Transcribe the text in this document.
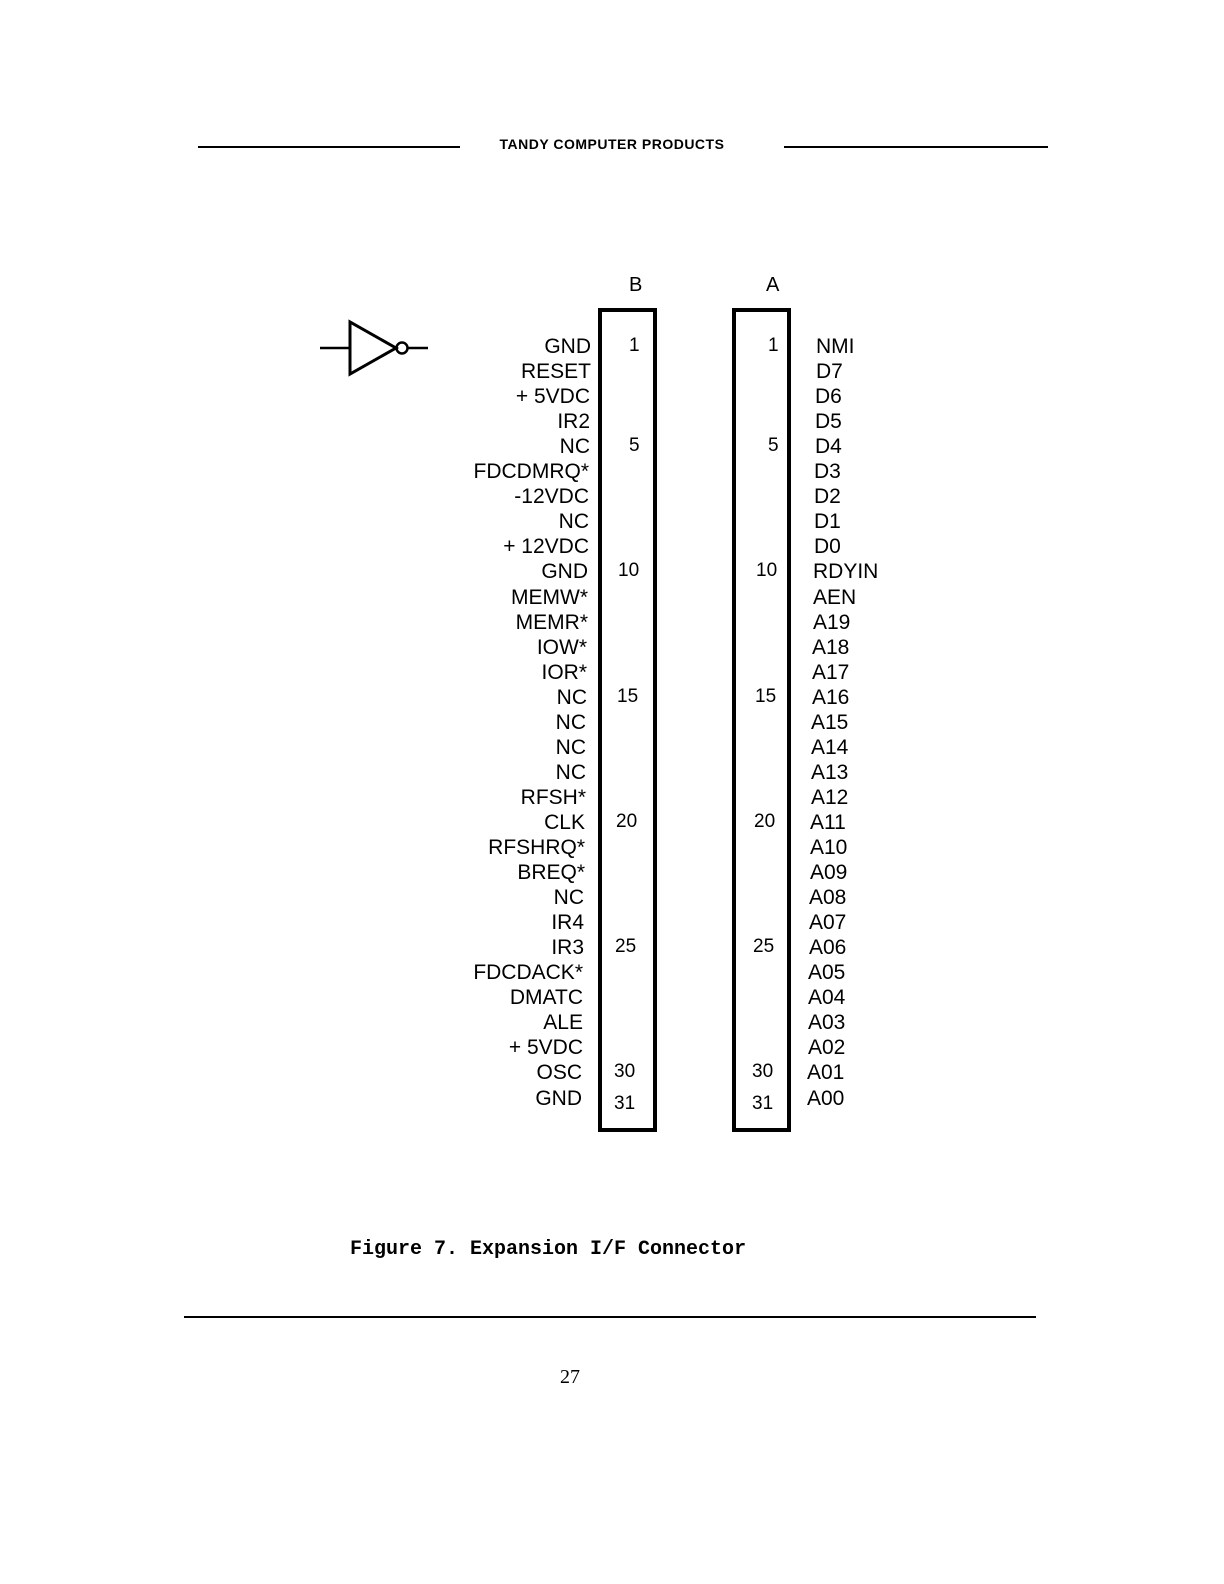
TANDY COMPUTER PRODUCTS
B	A
1
5
10
15
20
25
30
31
1
5
10
15
20
25
30
31
GND
RESET
+ 5VDC
IR2
NC
FDCDMRQ*
-12VDC
NC
+ 12VDC
GND
MEMW*
MEMR*
IOW*
IOR*
NC
NC
NC
NC
RFSH*
CLK
RFSHRQ*
BREQ*
NC
IR4
IR3
FDCDACK*
DMATC
ALE
+ 5VDC
OSC
GND
NMI
D7
D6
D5
D4
D3
D2
D1
D0
RDYIN
AEN
A19
A18
A17
A16
A15
A14
A13
A12
A11
A10
A09
A08
A07
A06
A05
A04
A03
A02
A01
A00
Figure 7. Expansion I/F Connector
27
